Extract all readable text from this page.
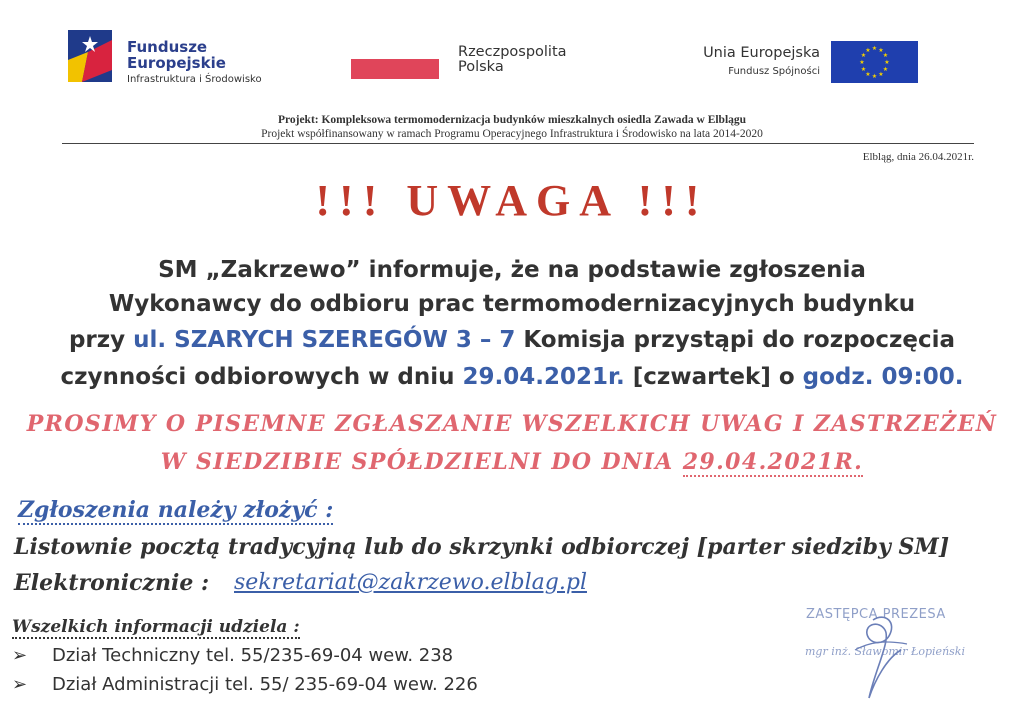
Fundusze
Europejskie
Infrastruktura i Środowisko
Rzeczpospolita
Polska
Unia Europejska
Fundusz Spójności
★ ★
★
★
★
★
★
★
★
★
★
★
Projekt: Kompleksowa termomodernizacja budynków mieszkalnych osiedla Zawada w Elblągu
Projekt współfinansowany w ramach Programu Operacyjnego Infrastruktura i Środowisko na lata 2014-2020
Elbląg, dnia 26.04.2021r.
!!! UWAGA !!!
SM „Zakrzewo” informuje, że na podstawie zgłoszenia
Wykonawcy do odbioru prac termomodernizacyjnych budynku
przy ul. SZARYCH SZEREGÓW 3 – 7 Komisja przystąpi do rozpoczęcia
czynności odbiorowych w dniu 29.04.2021r. [czwartek] o godz. 09:00.
PROSIMY O PISEMNE ZGŁASZANIE WSZELKICH UWAG I ZASTRZEŻEŃ
W SIEDZIBIE SPÓŁDZIELNI DO DNIA 29.04.2021R.
Zgłoszenia należy złożyć :
Listownie pocztą tradycyjną lub do skrzynki odbiorczej [parter siedziby SM]
Elektronicznie : sekretariat@zakrzewo.elblag.pl
Wszelkich informacji udziela :
➢ Dział Techniczny tel. 55/235-69-04 wew. 238
➢ Dział Administracji tel. 55/ 235-69-04 wew. 226
ZASTĘPCA PREZESA
mgr inż. Sławomir Łopieński
